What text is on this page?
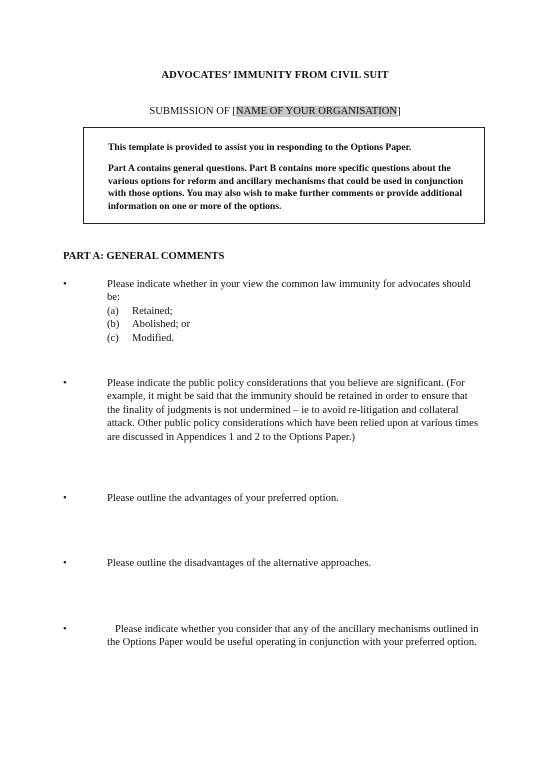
ADVOCATES’ IMMUNITY FROM CIVIL SUIT
SUBMISSION OF [NAME OF YOUR ORGANISATION]

This template is provided to assist you in responding to the Options Paper.

Part A contains general questions. Part B contains more specific questions about the various options for reform and ancillary mechanisms that could be used in conjunction with those options. You may also wish to make further comments or provide additional information on one or more of the options.

PART A: GENERAL COMMENTS
•	Please indicate whether in your view the common law immunity for advocates should be:
(a)	Retained;
(b)	Abolished; or
(c)	Modified.
•	Please indicate the public policy considerations that you believe are significant. (For example, it might be said that the immunity should be retained in order to ensure that the finality of judgments is not undermined – ie to avoid re-litigation and collateral attack. Other public policy considerations which have been relied upon at various times are discussed in Appendices 1 and 2 to the Options Paper.)
•	Please outline the advantages of your preferred option.
•	Please outline the disadvantages of the alternative approaches.
•	Please indicate whether you consider that any of the ancillary mechanisms outlined in the Options Paper would be useful operating in conjunction with your preferred option.
